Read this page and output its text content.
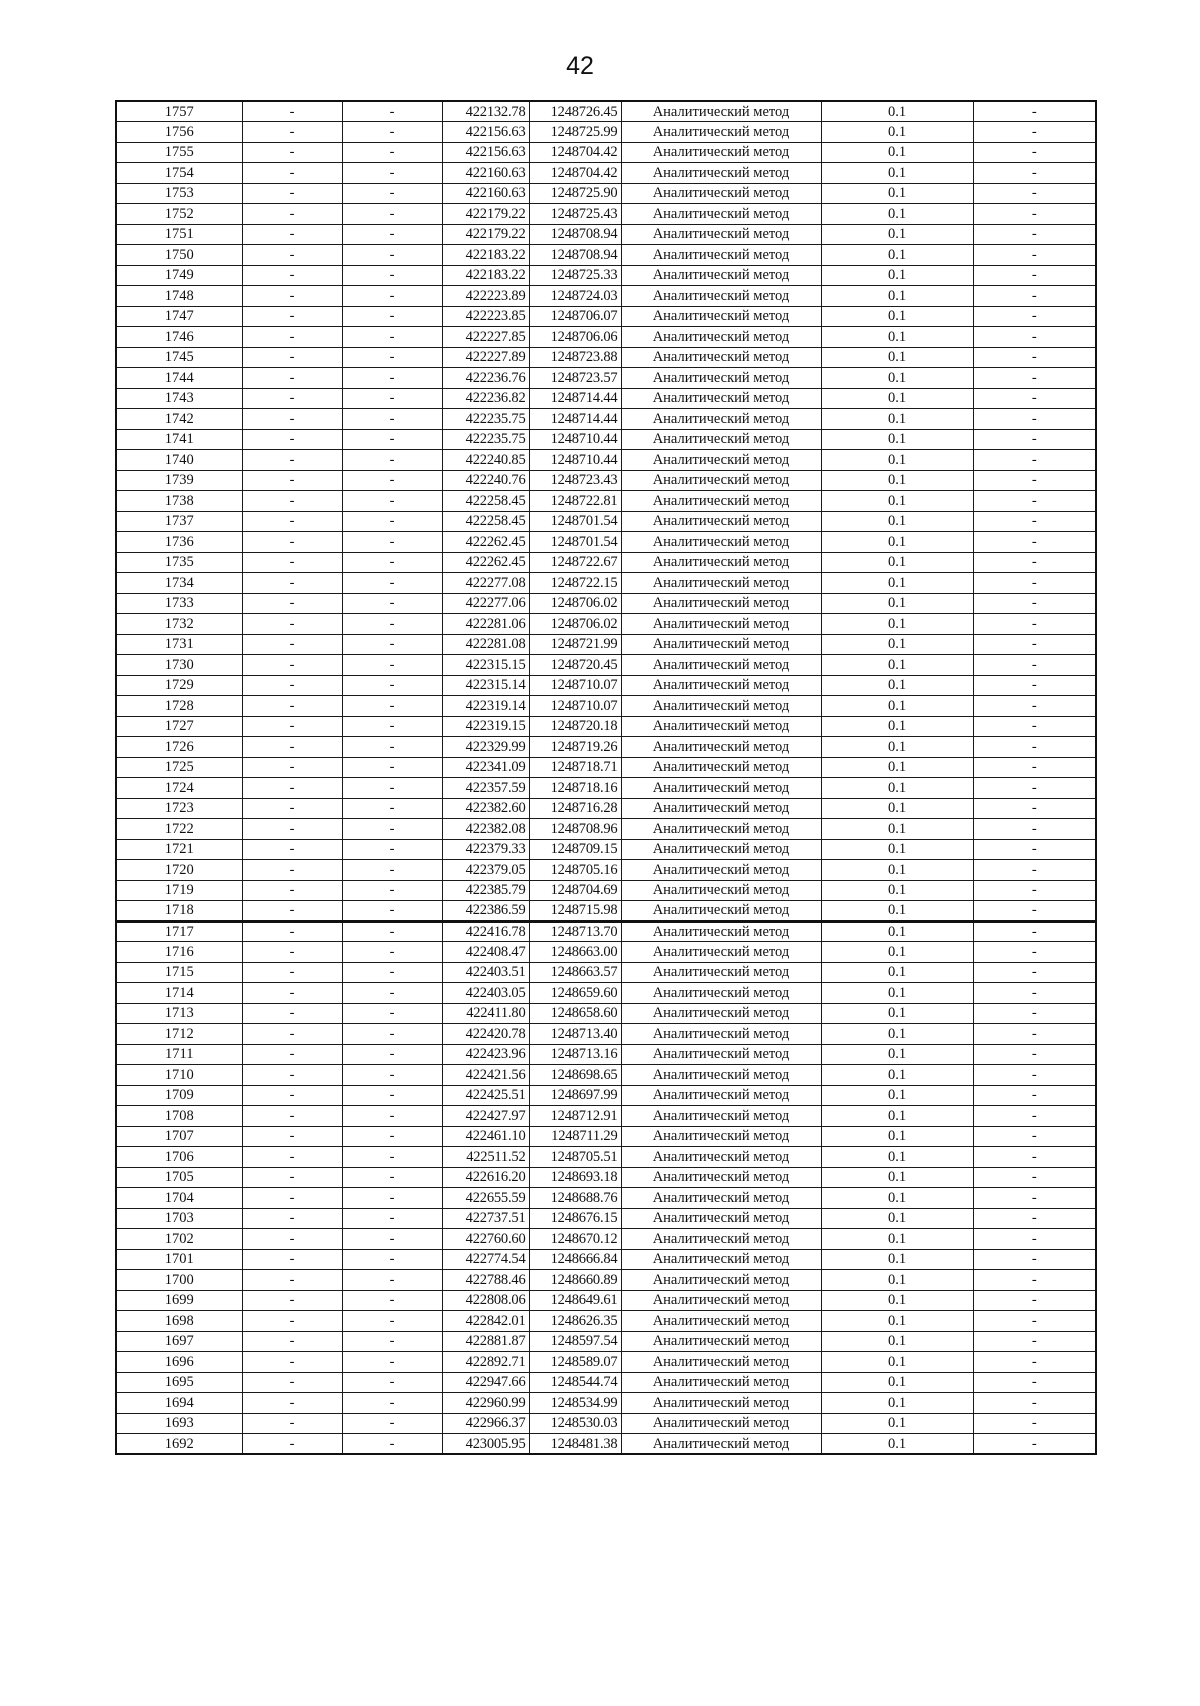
42
1757	-	-	422132.78	1248726.45	Аналитический метод	0.1	-
1756	-	-	422156.63	1248725.99	Аналитический метод	0.1	-
1755	-	-	422156.63	1248704.42	Аналитический метод	0.1	-
1754	-	-	422160.63	1248704.42	Аналитический метод	0.1	-
1753	-	-	422160.63	1248725.90	Аналитический метод	0.1	-
1752	-	-	422179.22	1248725.43	Аналитический метод	0.1	-
1751	-	-	422179.22	1248708.94	Аналитический метод	0.1	-
1750	-	-	422183.22	1248708.94	Аналитический метод	0.1	-
1749	-	-	422183.22	1248725.33	Аналитический метод	0.1	-
1748	-	-	422223.89	1248724.03	Аналитический метод	0.1	-
1747	-	-	422223.85	1248706.07	Аналитический метод	0.1	-
1746	-	-	422227.85	1248706.06	Аналитический метод	0.1	-
1745	-	-	422227.89	1248723.88	Аналитический метод	0.1	-
1744	-	-	422236.76	1248723.57	Аналитический метод	0.1	-
1743	-	-	422236.82	1248714.44	Аналитический метод	0.1	-
1742	-	-	422235.75	1248714.44	Аналитический метод	0.1	-
1741	-	-	422235.75	1248710.44	Аналитический метод	0.1	-
1740	-	-	422240.85	1248710.44	Аналитический метод	0.1	-
1739	-	-	422240.76	1248723.43	Аналитический метод	0.1	-
1738	-	-	422258.45	1248722.81	Аналитический метод	0.1	-
1737	-	-	422258.45	1248701.54	Аналитический метод	0.1	-
1736	-	-	422262.45	1248701.54	Аналитический метод	0.1	-
1735	-	-	422262.45	1248722.67	Аналитический метод	0.1	-
1734	-	-	422277.08	1248722.15	Аналитический метод	0.1	-
1733	-	-	422277.06	1248706.02	Аналитический метод	0.1	-
1732	-	-	422281.06	1248706.02	Аналитический метод	0.1	-
1731	-	-	422281.08	1248721.99	Аналитический метод	0.1	-
1730	-	-	422315.15	1248720.45	Аналитический метод	0.1	-
1729	-	-	422315.14	1248710.07	Аналитический метод	0.1	-
1728	-	-	422319.14	1248710.07	Аналитический метод	0.1	-
1727	-	-	422319.15	1248720.18	Аналитический метод	0.1	-
1726	-	-	422329.99	1248719.26	Аналитический метод	0.1	-
1725	-	-	422341.09	1248718.71	Аналитический метод	0.1	-
1724	-	-	422357.59	1248718.16	Аналитический метод	0.1	-
1723	-	-	422382.60	1248716.28	Аналитический метод	0.1	-
1722	-	-	422382.08	1248708.96	Аналитический метод	0.1	-
1721	-	-	422379.33	1248709.15	Аналитический метод	0.1	-
1720	-	-	422379.05	1248705.16	Аналитический метод	0.1	-
1719	-	-	422385.79	1248704.69	Аналитический метод	0.1	-
1718	-	-	422386.59	1248715.98	Аналитический метод	0.1	-
1717	-	-	422416.78	1248713.70	Аналитический метод	0.1	-
1716	-	-	422408.47	1248663.00	Аналитический метод	0.1	-
1715	-	-	422403.51	1248663.57	Аналитический метод	0.1	-
1714	-	-	422403.05	1248659.60	Аналитический метод	0.1	-
1713	-	-	422411.80	1248658.60	Аналитический метод	0.1	-
1712	-	-	422420.78	1248713.40	Аналитический метод	0.1	-
1711	-	-	422423.96	1248713.16	Аналитический метод	0.1	-
1710	-	-	422421.56	1248698.65	Аналитический метод	0.1	-
1709	-	-	422425.51	1248697.99	Аналитический метод	0.1	-
1708	-	-	422427.97	1248712.91	Аналитический метод	0.1	-
1707	-	-	422461.10	1248711.29	Аналитический метод	0.1	-
1706	-	-	422511.52	1248705.51	Аналитический метод	0.1	-
1705	-	-	422616.20	1248693.18	Аналитический метод	0.1	-
1704	-	-	422655.59	1248688.76	Аналитический метод	0.1	-
1703	-	-	422737.51	1248676.15	Аналитический метод	0.1	-
1702	-	-	422760.60	1248670.12	Аналитический метод	0.1	-
1701	-	-	422774.54	1248666.84	Аналитический метод	0.1	-
1700	-	-	422788.46	1248660.89	Аналитический метод	0.1	-
1699	-	-	422808.06	1248649.61	Аналитический метод	0.1	-
1698	-	-	422842.01	1248626.35	Аналитический метод	0.1	-
1697	-	-	422881.87	1248597.54	Аналитический метод	0.1	-
1696	-	-	422892.71	1248589.07	Аналитический метод	0.1	-
1695	-	-	422947.66	1248544.74	Аналитический метод	0.1	-
1694	-	-	422960.99	1248534.99	Аналитический метод	0.1	-
1693	-	-	422966.37	1248530.03	Аналитический метод	0.1	-
1692	-	-	423005.95	1248481.38	Аналитический метод	0.1	-
